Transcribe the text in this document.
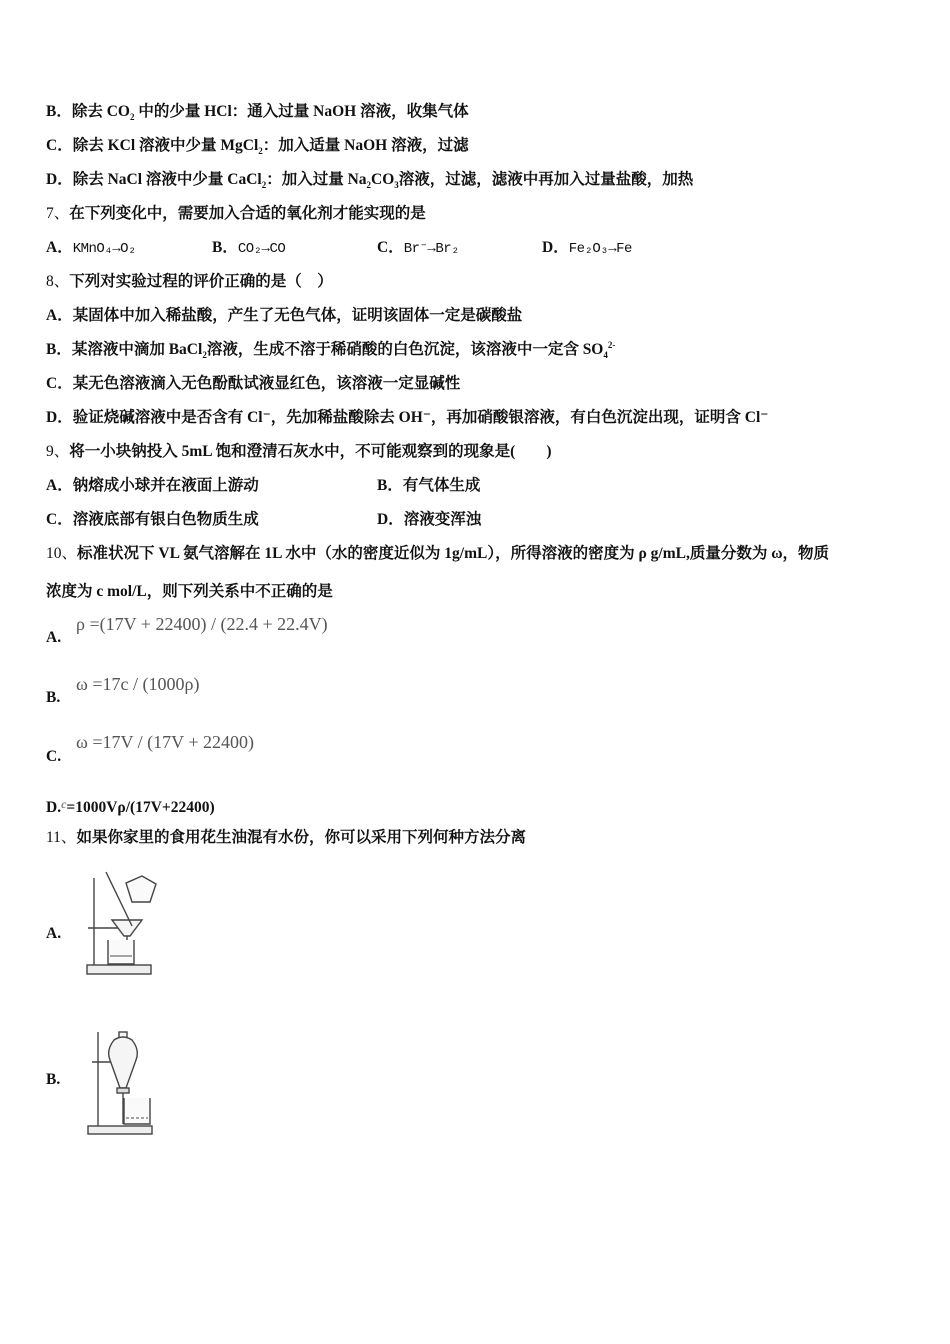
B．除去 $CO_2$ 中的少量 HCl：通入过量 NaOH 溶液，收集气体
C．除去 KCl 溶液中少量 MgCl$_2$：加入适量 NaOH 溶液，过滤
D．除去 NaCl 溶液中少量 CaCl$_2$：加入过量 $Na_2CO_3$溶液，过滤，滤液中再加入过量盐酸，加热
7、在下列变化中，需要加入合适的氧化剂才能实现的是
A．KMnO₄→O₂	B．CO₂→CO	C．Br⁻→Br₂	D．Fe₂O₃→Fe
8、下列对实验过程的评价正确的是（　）
A．某固体中加入稀盐酸，产生了无色气体，证明该固体一定是碳酸盐
B．某溶液中滴加 BaCl$_2$溶液，生成不溶于稀硝酸的白色沉淀，该溶液中一定含 $SO_4^{2-}$
C．某无色溶液滴入无色酚酞试液显红色，该溶液一定显碱性
D．验证烧碱溶液中是否含有 Cl⁻，先加稀盐酸除去 OH⁻，再加硝酸银溶液，有白色沉淀出现，证明含 Cl⁻
9、将一小块钠投入 5mL 饱和澄清石灰水中，不可能观察到的现象是(　　)
A．钠熔成小球并在液面上游动	B．有气体生成
C．溶液底部有银白色物质生成	D．溶液变浑浊
10、标准状况下 VL 氨气溶解在 1L 水中（水的密度近似为 1g/mL），所得溶液的密度为 ρ g/mL,质量分数为 ω，物质
浓度为 c mol/L，则下列关系中不正确的是
A.
ρ =(17V + 22400) / (22.4 + 22.4V)
B.
ω =17c / (1000ρ)
C.
ω =17V / (17V + 22400)
D.$^c$=1000Vρ/(17V+22400)
11、如果你家里的食用花生油混有水份，你可以采用下列何种方法分离
A.
B.
